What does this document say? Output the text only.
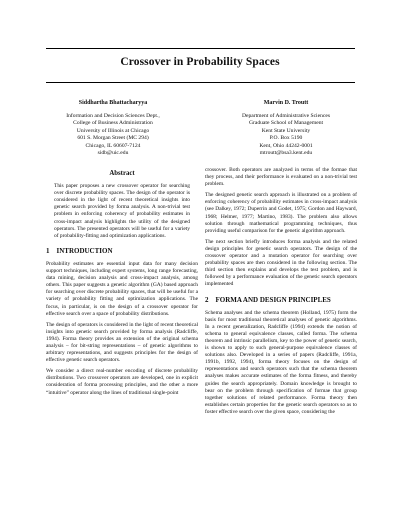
Crossover in Probability Spaces
Siddhartha Bhattacharyya
Information and Decision Sciences Dept.,
College of Business Administration
University of Illinois at Chicago
601 S. Morgan Street (MC 294)
Chicago, IL 60607-7124
sidb@uic.edu
Marvin D. Troutt
Department of Administrative Sciences
Graduate School of Management
Kent State University
P.O. Box 5190
Kent, Ohio 44242-0001
mtroutt@bsa3.kent.edu
Abstract

This paper proposes a new crossover operator for searching over discrete probability spaces. The design of the operator is considered in the light of recent theoretical insights into genetic search provided by forma analysis. A non-trivial test problem in enforcing coherency of probability estimates in cross-impact analysis highlights the utility of the designed operators. The presented operators will be useful for a variety of probability-fitting and optimization applications.

1 INTRODUCTION

Probability estimates are essential input data for many decision support techniques, including expert systems, long range forecasting, data mining, decision analysis and cross-impact analysis, among others. This paper suggests a genetic algorithm (GA) based approach for searching over discrete probability spaces, that will be useful for a variety of probability fitting and optimization applications. The focus, in particular, is on the design of a crossover operator for effective search over a space of probability distributions.

The design of operators is considered in the light of recent theoretical insights into genetic search provided by forma analysis (Radcliffe, 1994). Forma theory provides an extension of the original schema analysis – for bit-string representations – of genetic algorithms to arbitrary representations, and suggests principles for the design of effective genetic search operators.

We consider a direct real-number encoding of discrete probability distributions. Two crossover operators are developed, one in explicit consideration of forma processing principles, and the other a more “intuitive” operator along the lines of traditional single-point

crossover. Both operators are analyzed in terms of the formae that they process, and their performance is evaluated on a non-trivial test problem.

The designed genetic search approach is illustrated on a problem of enforcing coherency of probability estimates in cross-impact analysis (see Dalkey, 1972; Duperrin and Godet, 1975; Gordon and Hayward, 1968; Helmer, 1977; Martino, 1983). The problem also allows solution through mathematical programming techniques, thus providing useful comparison for the genetic algorithm approach.

The next section briefly introduces forma analysis and the related design principles for genetic search operators. The design of the crossover operator and a mutation operator for searching over probability spaces are then considered in the following section. The third section then explains and develops the test problem, and is followed by a performance evaluation of the genetic search operators implemented

2 FORMA AND DESIGN PRINCIPLES

Schema analyses and the schema theorem (Holland, 1975) form the basis for most traditional theoretical analyses of genetic algorithms. In a recent generalization, Radcliffe (1994) extends the notion of schema to general equivalence classes, called forma. The schema theorem and intrinsic parallelism, key to the power of genetic search, is shown to apply to such general-purpose equivalence classes of solutions also. Developed in a series of papers (Radcliffe, 1991a, 1991b, 1992, 1994), forma theory focuses on the design of representations and search operators such that the schema theorem analyses makes accurate estimates of the forma fitness, and thereby guides the search appropriately. Domain knowledge is brought to bear on the problem through specification of formae that group together solutions of related performance. Forma theory then establishes certain properties for the genetic search operators so as to foster effective search over the given space, considering the
